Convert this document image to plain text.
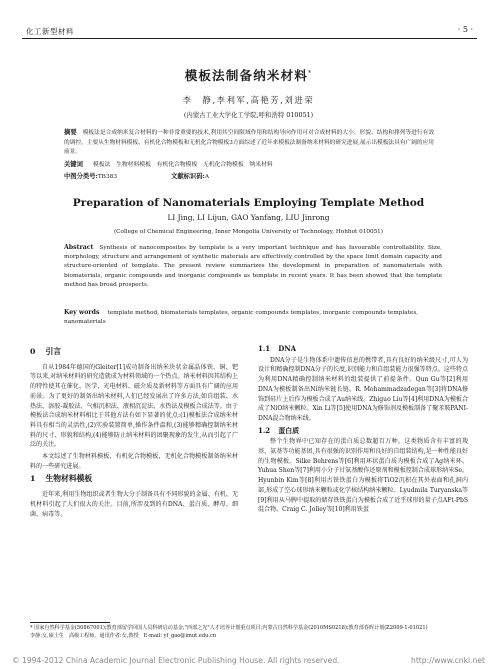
化工新型材料	· 5 ·
模板法制备纳米材料*
李　静,李利军,高艳芳,刘进荣
(内蒙古工业大学化工学院,呼和浩特 010051)
摘要 模板法是合成纳米复合材料的一种非常重要的技术,利用其空间限域作用和结构导向作用可对合成材料的大小、形貌、结构和排列等进行有效的调控。主要从生物材料模板、有机化合物模板和无机化合物模板3方面综述了近年来模板法制备纳米材料的研究进展,展示出模板法具有广阔的应用前景。
关键词 模板法　生物材料模板　有机化合物模板　无机化合物模板　纳米材料
中图分类号:TB383	文献标识码:A
Preparation of Nanomaterials Employing Template Method
LI Jing, LI Lijun, GAO Yanfang, LIU Jinrong
(College of Chemical Engineering, Inner Mongolia University of Technology, Hohhot 010051)
Abstract Synthesis of nanocomposites by template is a very important technique and has favourable controllability. Size, morphology, structure and arrangement of synthetic materials are effectively controlled by the space limit domain capacity and structure-oriented of template. The present review summarizes the development in preparation of nanomaterials with biomaterials, organic compounds and inorganic compounds as template in recent years. It has been showed that the template method has broad prospects.
Key words template method, biomaterials templates, organic compounds templates, inorganic compounds templates, nanomaterials
0 引言

自从1984年德国的Gleiter[1]成功制备出纳米块状金属晶体铁、铜、钯等以来,对纳米材料的研究造就成为材料领域的一个热点。纳米材料因其结构上的特性使其在催化、医学、光电材料、磁介质及新材料等方面具有广阔的应用前景。为了更好的制备出纳米材料,人们已经发展出了许多方法,如自组装、水热法、溶胶-凝胶法、气相沉积法、液相沉淀法、水热法及模板合成法等。由于模板法合成纳米材料相比于其他方法有如下显著的优点:(1)模板法合成纳米材料具有相当的灵活性,(2)实验装置简单,操作条件温和,(3)能够精确控制纳米材料的尺寸、形貌和结构,(4)能够防止纳米材料的团聚现象的发生,从而引起了广泛的关注。

本文综述了生物材料模板、有机化合物模板、无机化合物模板制备纳米材料的一些研究进展。

1 生物材料模板

近年来,利用生物组织或者生物大分子制备具有不同形貌的金属、有机、无机材料引起了人们很大的关注。目前,所涉及到的有DNA、蛋白质、酵母、细菌、病毒等。

1.1 DNA

DNA分子是生物体系中遗传信息的携带者,具有良好的纳米级尺寸,可人为设计和精确控制DNA分子的长度,识别能力和自组装能力很强等特点。这些特点为利用DNA精确控制纳米材料的组装提供了前提条件。Qun Gu等[2]利用DNA为模板制备出Ni纳米链长链。R. Mohammadzadegan等[3]将DNA修饰到硅片上后作为模板合成了Au纳米线。Zhiguo Liu等[4]利用DNA为模板合成了NiO纳米颗粒。Xin Li等[5]使用DNA为修饰剂及模板制备了聚苯胺PANI-DNA混合物纳米线。

1.2 蛋白质

整个生物界中已知存在的蛋白质总数超百万种。这类物质含有丰富的羧基、氨基等功能基团,具有很强的识别作用和良好的自组装结构,是一种性能良好的生物模板。Silke Behrens等[6]利用环状蛋白质为模板合成了Ag纳米环。Yuhua Shen等[7]利用小分子甘氨基酸作还原剂和模板控制合成球形纳米Se。Hyunbin Kim等[8]利用古铁铁蛋白为模板将TiO2沉积在其外表面和孔洞内部,形成了空心球形纳米颗粒或化学核结构纳米颗粒。Lyudmila Turyanska等[9]利用从马脾中提取的储存铁铁蛋白为模板合成了近乎球形的量子点AFt-PbS混合物。Craig C. Jolley等[10]利用铁蛋

* 国家自然科学基金(50867001);教育部留学回国人员科研启动基金;"西部之光"人才培养计划重点项目;内蒙古自然科学基金(2010MS0218);教育部春晖计划(Z2009-1-01021)
李静:女,硕士生　高级工程师。通讯作者:女,教授　E-mail: yf_gao@imut.edu.cn
© 1994-2012 China Academic Journal Electronic Publishing House. All rights reserved.	http://www.cnki.net
